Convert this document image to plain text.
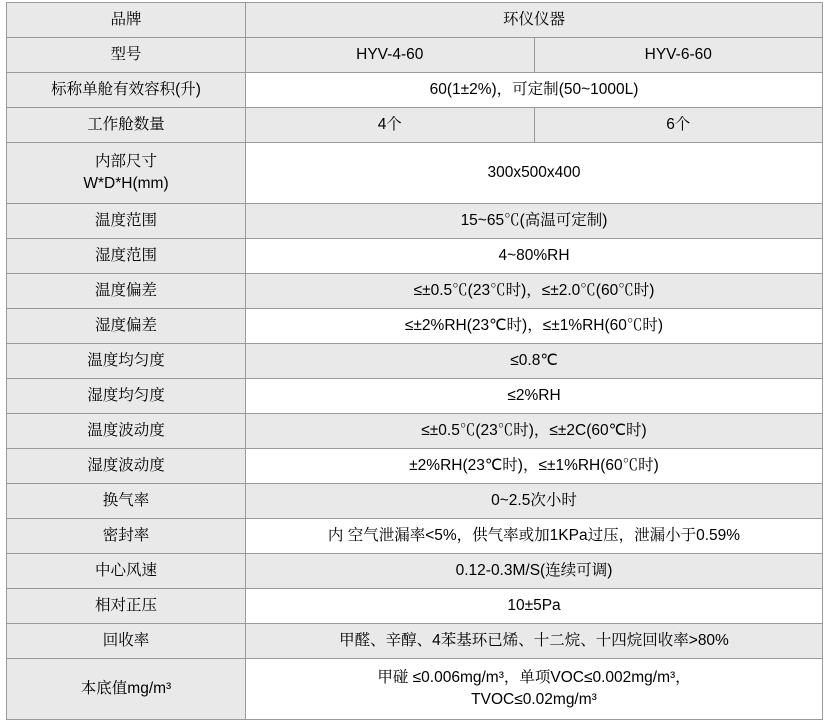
品牌	环仪仪器	
型号	HYV-4-60	HYV-6-60
标称单舱有效容积(升)	60(1±2%)，可定制(50~1000L)	
工作舱数量	4个	6个

内部尺寸
W*D*H(mm)	300x500x400	
温度范围	15~65℃(高温可定制)	
湿度范围	4~80%RH	
温度偏差	≤±0.5℃(23℃时)，≤±2.0℃(60℃时)	
湿度偏差	≤±2%RH(23℃时)，≤±1%RH(60℃时)	
温度均匀度	≤0.8℃	
湿度均匀度	≤2%RH	
温度波动度	≤±0.5℃(23℃时)，≤±2C(60℃时)	
湿度波动度	±2%RH(23℃时)，≤±1%RH(60℃时)	
换气率	0~2.5次小时	
密封率	内 空气泄漏率<5%，供气率或加1KPa过压，泄漏小于0.59%	
中心风速	0.12-0.3M/S(连续可调)	
相对正压	10±5Pa	
回收率	甲醛、辛醇、4苯基环已烯、十二烷、十四烷回收率>80%	
本底值mg/m³	甲碰 ≤0.006mg/m³，单项VOC≤0.002mg/m³，
TVOC≤0.02mg/m³	
